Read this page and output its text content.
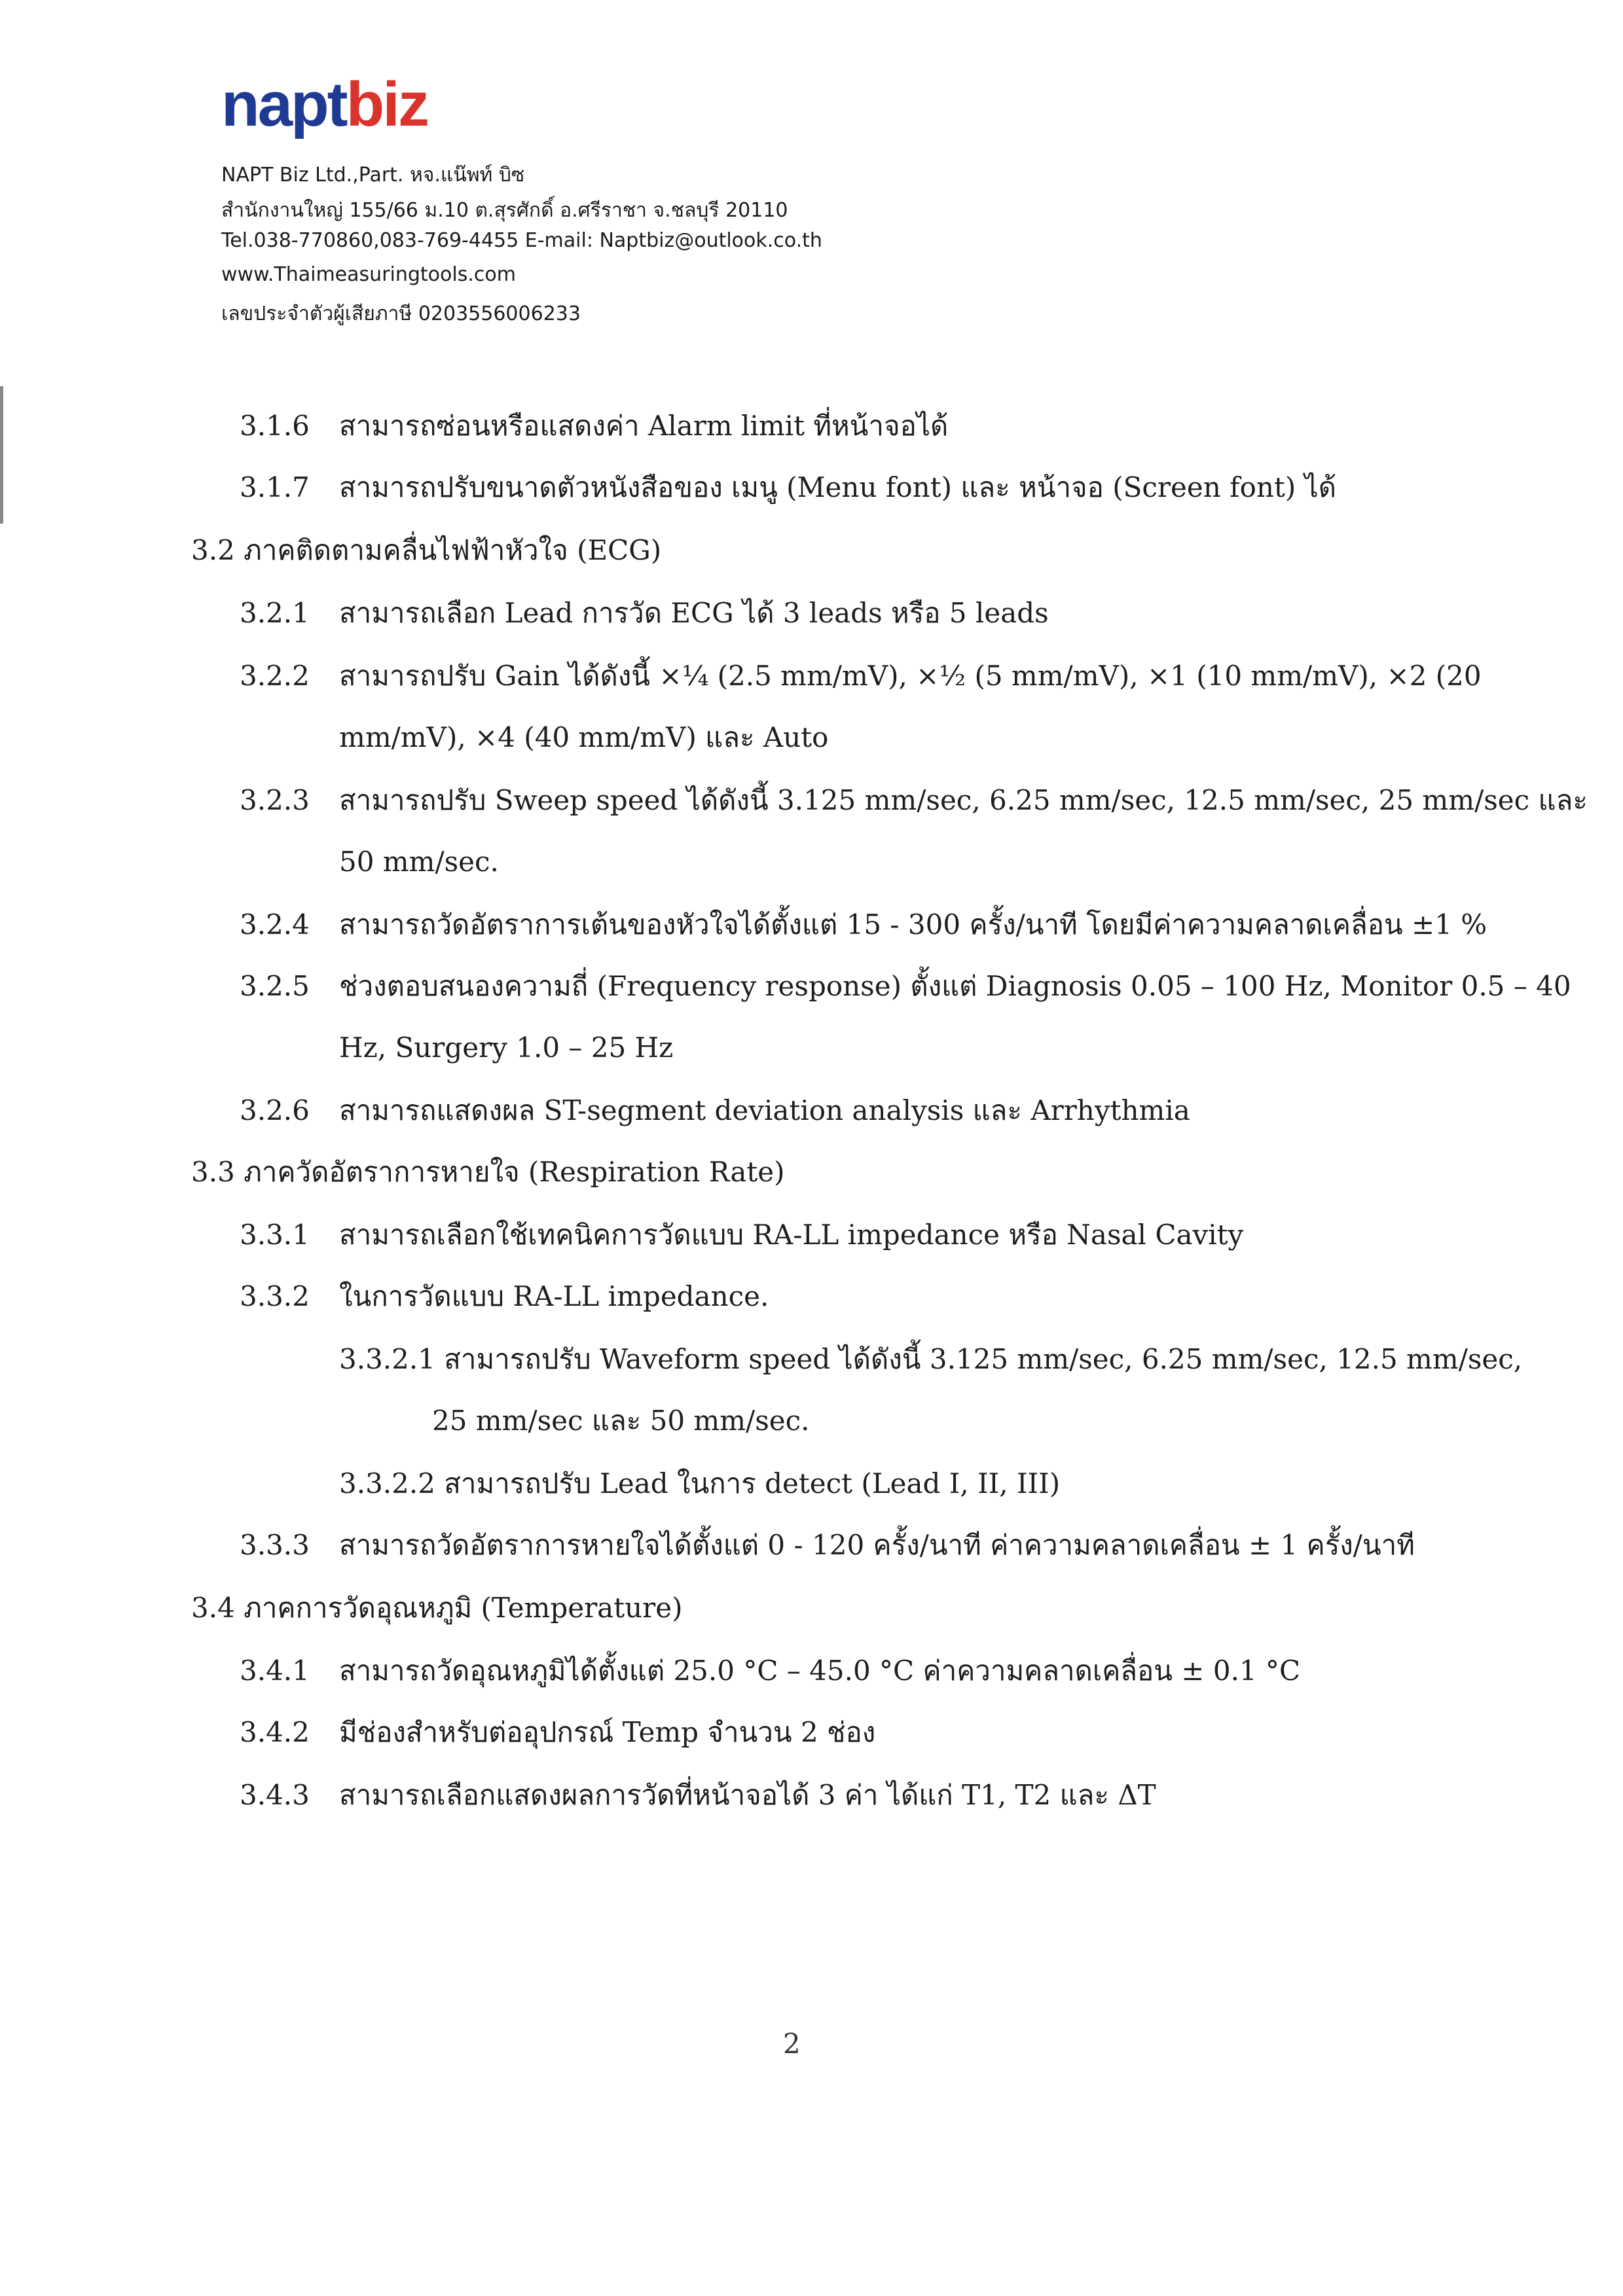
naptbiz
NAPT Biz Ltd.,Part. หจ.แน๊พท์ บิซ
สำนักงานใหญ่ 155/66 ม.10 ต.สุรศักดิ์ อ.ศรีราชา จ.ชลบุรี 20110
Tel.038-770860,083-769-4455 E-mail: Naptbiz@outlook.co.th
www.Thaimeasuringtools.com
เลขประจำตัวผู้เสียภาษี 0203556006233
3.1.6 สามารถซ่อนหรือแสดงค่า Alarm limit ที่หน้าจอได้
3.1.7 สามารถปรับขนาดตัวหนังสือของ เมนู (Menu font) และ หน้าจอ (Screen font) ได้
3.2 ภาคติดตามคลื่นไฟฟ้าหัวใจ (ECG)
3.2.1 สามารถเลือก Lead การวัด ECG ได้ 3 leads หรือ 5 leads
3.2.2 สามารถปรับ Gain ได้ดังนี้ ×¼ (2.5 mm/mV), ×½ (5 mm/mV), ×1 (10 mm/mV), ×2 (20
mm/mV), ×4 (40 mm/mV) และ Auto
3.2.3 สามารถปรับ Sweep speed ได้ดังนี้ 3.125 mm/sec, 6.25 mm/sec, 12.5 mm/sec, 25 mm/sec และ
50 mm/sec.
3.2.4 สามารถวัดอัตราการเต้นของหัวใจได้ตั้งแต่ 15 - 300 ครั้ง/นาที โดยมีค่าความคลาดเคลื่อน ±1 %
3.2.5 ช่วงตอบสนองความถี่ (Frequency response) ตั้งแต่ Diagnosis 0.05 – 100 Hz, Monitor 0.5 – 40
Hz, Surgery 1.0 – 25 Hz
3.2.6 สามารถแสดงผล ST-segment deviation analysis และ Arrhythmia
3.3 ภาควัดอัตราการหายใจ (Respiration Rate)
3.3.1 สามารถเลือกใช้เทคนิคการวัดแบบ RA-LL impedance หรือ Nasal Cavity
3.3.2 ในการวัดแบบ RA-LL impedance.
3.3.2.1 สามารถปรับ Waveform speed ได้ดังนี้ 3.125 mm/sec, 6.25 mm/sec, 12.5 mm/sec,
25 mm/sec และ 50 mm/sec.
3.3.2.2 สามารถปรับ Lead ในการ detect (Lead I, II, III)
3.3.3 สามารถวัดอัตราการหายใจได้ตั้งแต่ 0 - 120 ครั้ง/นาที ค่าความคลาดเคลื่อน ± 1 ครั้ง/นาที
3.4 ภาคการวัดอุณหภูมิ (Temperature)
3.4.1 สามารถวัดอุณหภูมิได้ตั้งแต่ 25.0 °C – 45.0 °C ค่าความคลาดเคลื่อน ± 0.1 °C
3.4.2 มีช่องสำหรับต่ออุปกรณ์ Temp จำนวน 2 ช่อง
3.4.3 สามารถเลือกแสดงผลการวัดที่หน้าจอได้ 3 ค่า ได้แก่ T1, T2 และ ΔT
2
